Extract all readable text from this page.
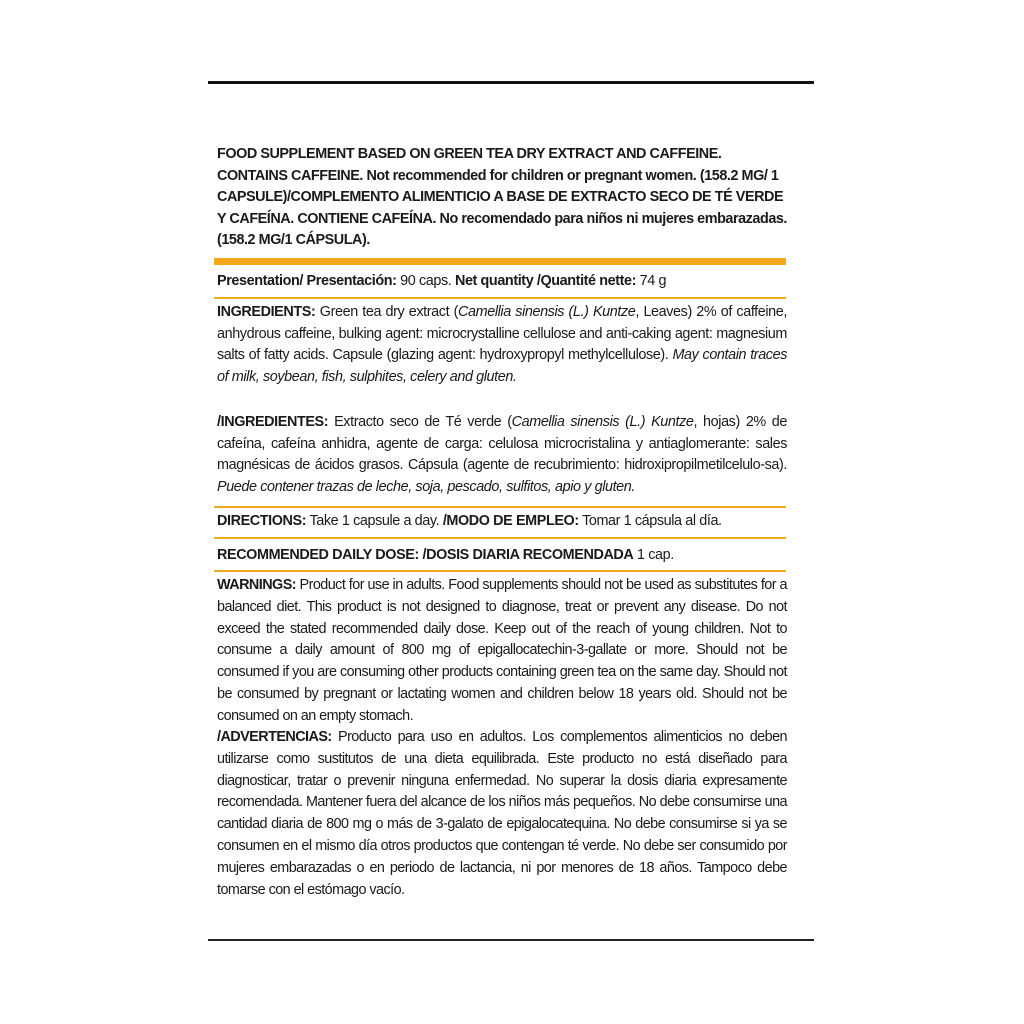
FOOD SUPPLEMENT BASED ON GREEN TEA DRY EXTRACT AND CAFFEINE. CONTAINS CAFFEINE. Not recommended for children or pregnant women. (158.2 MG/ 1 CAPSULE)/COMPLEMENTO ALIMENTICIO A BASE DE EXTRACTO SECO DE TÉ VERDE Y CAFEÍNA. CONTIENE CAFEÍNA. No recomendado para niños ni mujeres embarazadas. (158.2 MG/1 CÁPSULA).
Presentation/ Presentación: 90 caps. Net quantity /Quantité nette: 74 g
INGREDIENTS: Green tea dry extract (Camellia sinensis (L.) Kuntze, Leaves) 2% of caffeine, anhydrous caffeine, bulking agent: microcrystalline cellulose and anti-caking agent: magnesium salts of fatty acids. Capsule (glazing agent: hydroxypropyl methylcellulose). May contain traces of milk, soybean, fish, sulphites, celery and gluten.
/INGREDIENTES: Extracto seco de Té verde (Camellia sinensis (L.) Kuntze, hojas) 2% de cafeína, cafeína anhidra, agente de carga: celulosa microcristalina y antiaglomerante: sales magnésicas de ácidos grasos. Cápsula (agente de recubrimiento: hidroxipropilmetilcelulo-sa). Puede contener trazas de leche, soja, pescado, sulfitos, apio y gluten.
DIRECTIONS: Take 1 capsule a day. /MODO DE EMPLEO: Tomar 1 cápsula al día.
RECOMMENDED DAILY DOSE: /DOSIS DIARIA RECOMENDADA 1 cap.
WARNINGS: Product for use in adults. Food supplements should not be used as substitutes for a balanced diet. This product is not designed to diagnose, treat or prevent any disease. Do not exceed the stated recommended daily dose. Keep out of the reach of young children. Not to consume a daily amount of 800 mg of epigallocatechin-3-gallate or more. Should not be consumed if you are consuming other products containing green tea on the same day. Should not be consumed by pregnant or lactating women and children below 18 years old. Should not be consumed on an empty stomach.
/ADVERTENCIAS: Producto para uso en adultos. Los complementos alimenticios no deben utilizarse como sustitutos de una dieta equilibrada. Este producto no está diseñado para diagnosticar, tratar o prevenir ninguna enfermedad. No superar la dosis diaria expresamente recomendada. Mantener fuera del alcance de los niños más pequeños. No debe consumirse una cantidad diaria de 800 mg o más de 3-galato de epigalocatequina. No debe consumirse si ya se consumen en el mismo día otros productos que contengan té verde. No debe ser consumido por mujeres embarazadas o en periodo de lactancia, ni por menores de 18 años. Tampoco debe tomarse con el estómago vacío.
